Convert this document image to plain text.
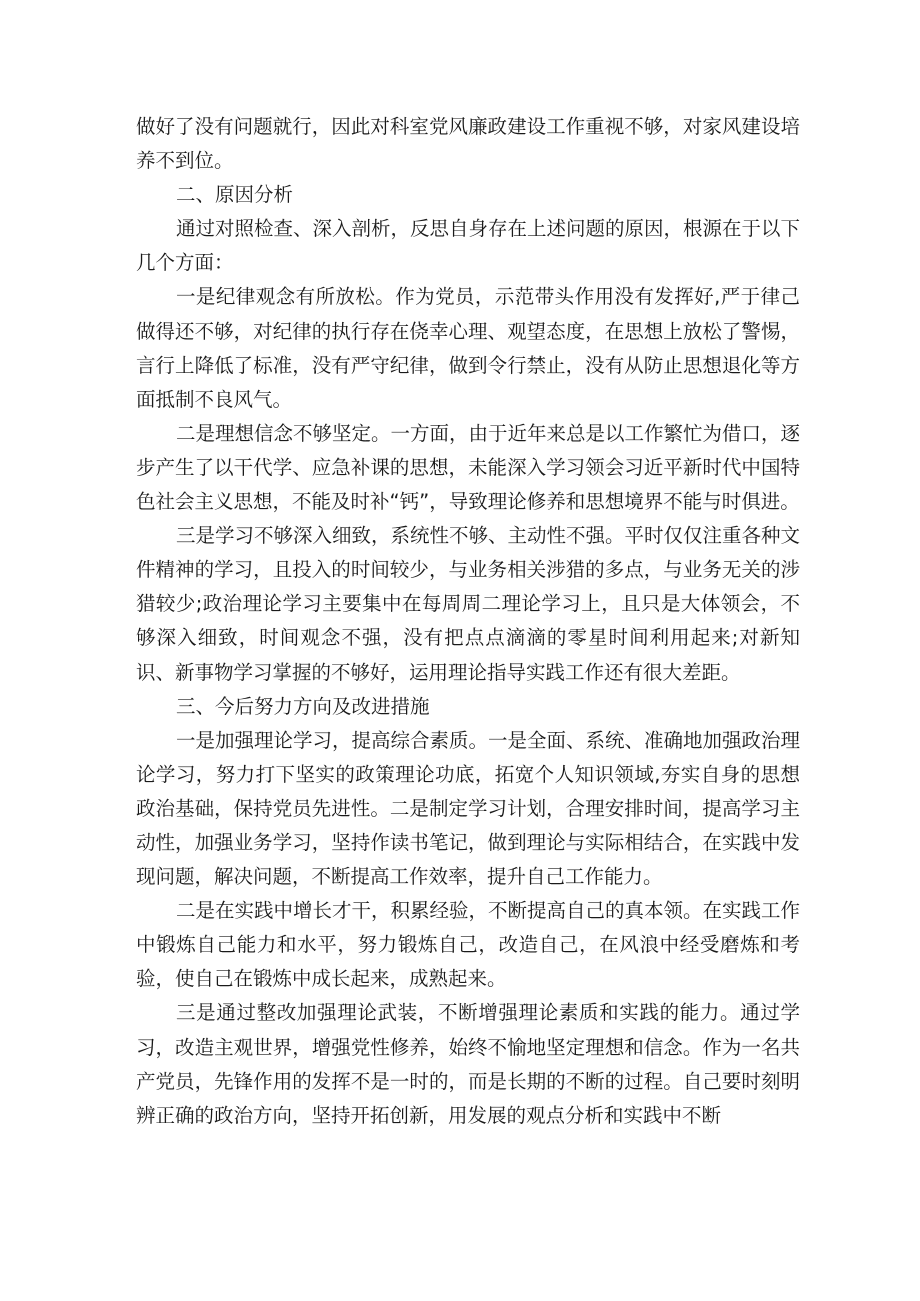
做好了没有问题就行，因此对科室党风廉政建设工作重视不够，对家风建设培养不到位。

二、原因分析

通过对照检查、深入剖析，反思自身存在上述问题的原因，根源在于以下几个方面：

一是纪律观念有所放松。作为党员，示范带头作用没有发挥好,严于律己做得还不够，对纪律的执行存在侥幸心理、观望态度，在思想上放松了警惕，言行上降低了标准，没有严守纪律，做到令行禁止，没有从防止思想退化等方面抵制不良风气。

二是理想信念不够坚定。一方面，由于近年来总是以工作繁忙为借口，逐步产生了以干代学、应急补课的思想，未能深入学习领会习近平新时代中国特色社会主义思想，不能及时补“钙”，导致理论修养和思想境界不能与时俱进。

三是学习不够深入细致，系统性不够、主动性不强。平时仅仅注重各种文件精神的学习，且投入的时间较少，与业务相关涉猎的多点，与业务无关的涉猎较少;政治理论学习主要集中在每周周二理论学习上，且只是大体领会，不够深入细致，时间观念不强，没有把点点滴滴的零星时间利用起来;对新知识、新事物学习掌握的不够好，运用理论指导实践工作还有很大差距。

三、今后努力方向及改进措施

一是加强理论学习，提高综合素质。一是全面、系统、准确地加强政治理论学习，努力打下坚实的政策理论功底，拓宽个人知识领域,夯实自身的思想政治基础，保持党员先进性。二是制定学习计划，合理安排时间，提高学习主动性，加强业务学习，坚持作读书笔记，做到理论与实际相结合，在实践中发现问题，解决问题，不断提高工作效率，提升自己工作能力。

二是在实践中增长才干，积累经验，不断提高自己的真本领。在实践工作中锻炼自己能力和水平，努力锻炼自己，改造自己，在风浪中经受磨炼和考验，使自己在锻炼中成长起来，成熟起来。

三是通过整改加强理论武装，不断增强理论素质和实践的能力。通过学习，改造主观世界，增强党性修养，始终不愉地坚定理想和信念。作为一名共产党员，先锋作用的发挥不是一时的，而是长期的不断的过程。自己要时刻明辨正确的政治方向，坚持开拓创新，用发展的观点分析和实践中不断
